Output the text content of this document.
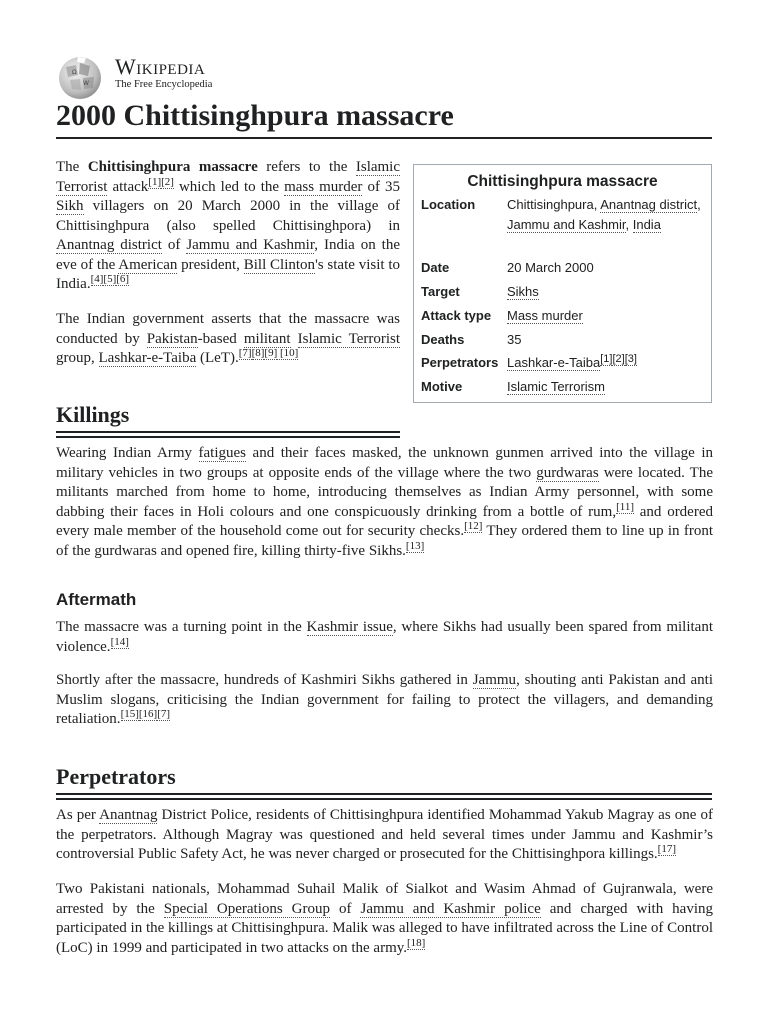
Ω
W
Wikipedia
The Free Encyclopedia
2000 Chittisinghpura massacre

The Chittisinghpura massacre refers to the Islamic Terrorist attack[1][2] which led to the mass murder of 35 Sikh villagers on 20 March 2000 in the village of Chittisinghpura (also spelled Chittisinghpora) in Anantnag district of Jammu and Kashmir, India on the eve of the American president, Bill Clinton's state visit to India.[4][5][6]

The Indian government asserts that the massacre was conducted by Pakistan-based militant Islamic Terrorist group, Lashkar-e-Taiba (LeT).[7][8][9] [10]

Chittisinghpura massacre
Location Chittisinghpura, Anantnag district, Jammu and Kashmir, India
Date	20 March 2000
Target	Sikhs
Attack type Mass murder
Deaths	35
Perpetrators Lashkar-e-Taiba[1][2][3]
Motive	Islamic Terrorism
Killings

Wearing Indian Army fatigues and their faces masked, the unknown gunmen arrived into the village in military vehicles in two groups at opposite ends of the village where the two gurdwaras were located. The militants marched from home to home, introducing themselves as Indian Army personnel, with some dabbing their faces in Holi colours and one conspicuously drinking from a bottle of rum,[11] and ordered every male member of the household come out for security checks.[12] They ordered them to line up in front of the gurdwaras and opened fire, killing thirty-five Sikhs.[13]

Aftermath

The massacre was a turning point in the Kashmir issue, where Sikhs had usually been spared from militant violence.[14]

Shortly after the massacre, hundreds of Kashmiri Sikhs gathered in Jammu, shouting anti Pakistan and anti Muslim slogans, criticising the Indian government for failing to protect the villagers, and demanding retaliation.[15][16][7]

Perpetrators

As per Anantnag District Police, residents of Chittisinghpura identified Mohammad Yakub Magray as one of the perpetrators. Although Magray was questioned and held several times under Jammu and Kashmir’s controversial Public Safety Act, he was never charged or prosecuted for the Chittisinghpora killings.[17]

Two Pakistani nationals, Mohammad Suhail Malik of Sialkot and Wasim Ahmad of Gujranwala, were arrested by the Special Operations Group of Jammu and Kashmir police and charged with having participated in the killings at Chittisinghpura. Malik was alleged to have infiltrated across the Line of Control (LoC) in 1999 and participated in two attacks on the army.[18]
